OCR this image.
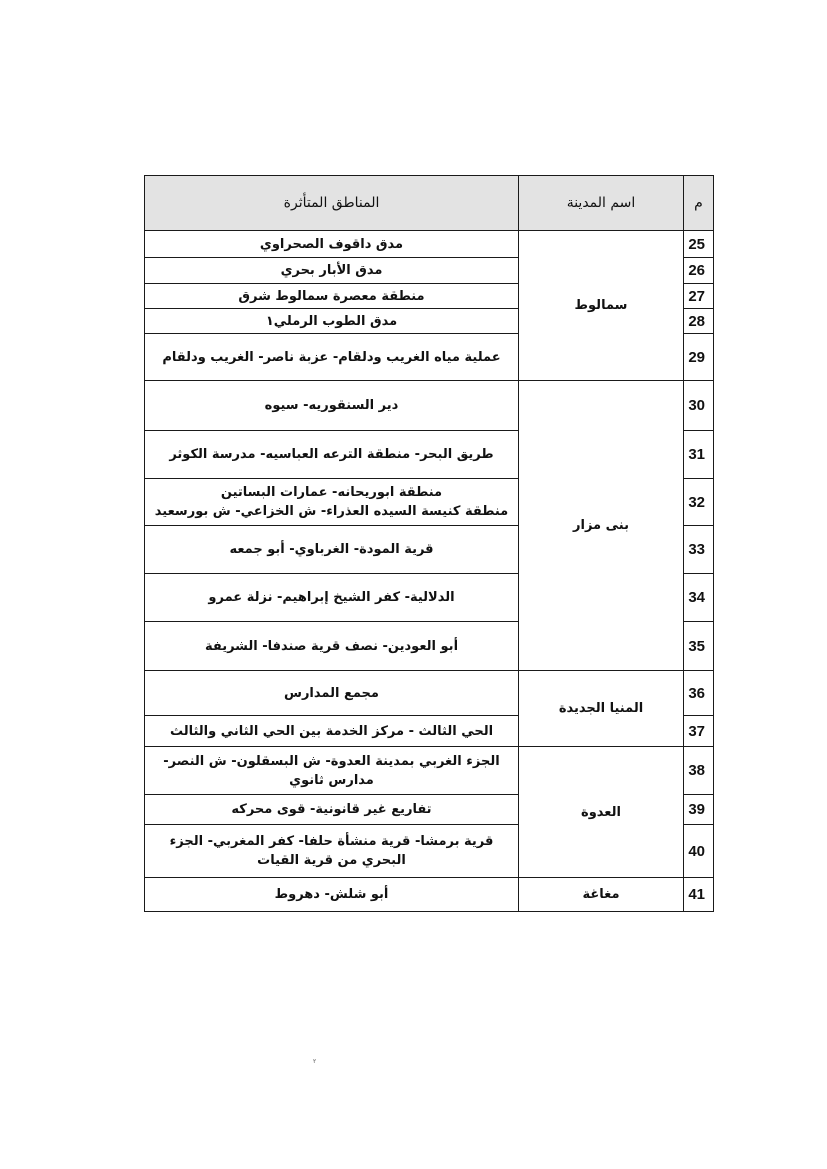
م	اسم المدينة	المناطق المتأثرة
25	سمالوط	مدق داقوف الصحراوي
26		مدق الأبار بحري
27		منطقة معصرة سمالوط شرق
28		مدق الطوب الرملي١
29		عملية مياه الغريب ودلقام- عزبة ناصر- الغريب ودلقام
30	بنى مزار	دير السنقوريه- سيوه
31		طريق البحر- منطقة الترعه العباسيه- مدرسة الكوثر
32		منطقة ابوريحانه- عمارات البساتين
منطقة كنيسة السيده العذراء- ش الخزاعي- ش بورسعيد
33		قرية المودة- الغرباوي- أبو جمعه
34		الدلالية- كفر الشيخ إبراهيم- نزلة عمرو
35		أبو العودين- نصف قرية صندفا- الشريفة
36	المنيا الجديدة	مجمع المدارس
37		الحي الثالث - مركز الخدمة بين الحي الثاني والثالث
38	العدوة	الجزء الغربي بمدينة العدوة- ش البسقلون- ش النصر-
مدارس ثانوي
39		تفاريع غير قانونية- قوى محركه
40		قرية برمشا- قرية منشأة حلفا- كفر المغربي- الجزء
البحري من قرية القيات
41	مغاغة	أبو شلش- دهروط
٢
